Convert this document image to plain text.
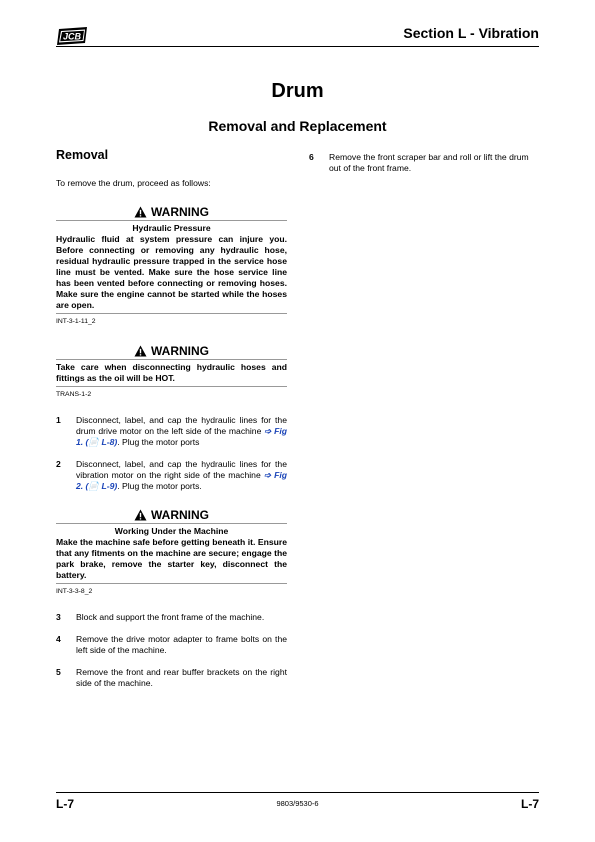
JCB	Section L - Vibration
Drum
Removal and Replacement
Removal
To remove the drum, proceed as follows:
WARNING
Hydraulic Pressure
Hydraulic fluid at system pressure can injure you. Before connecting or removing any hydraulic hose, residual hydraulic pressure trapped in the service hose line must be vented. Make sure the hose service line has been vented before connecting or removing hoses. Make sure the engine cannot be started while the hoses are open.
INT-3-1-11_2
WARNING
Take care when disconnecting hydraulic hoses and fittings as the oil will be HOT.
TRANS-1-2
1	Disconnect, label, and cap the hydraulic lines for the drum drive motor on the left side of the machine ➩ Fig 1. (📄 L-8). Plug the motor ports
2	Disconnect, label, and cap the hydraulic lines for the vibration motor on the right side of the machine ➩ Fig 2. (📄 L-9). Plug the motor ports.
WARNING
Working Under the Machine
Make the machine safe before getting beneath it. Ensure that any fitments on the machine are secure; engage the park brake, remove the starter key, disconnect the battery.
INT-3-3-8_2
3	Block and support the front frame of the machine.
4	Remove the drive motor adapter to frame bolts on the left side of the machine.
5	Remove the front and rear buffer brackets on the right side of the machine.
6	Remove the front scraper bar and roll or lift the drum out of the front frame.
L-7	9803/9530-6	L-7
